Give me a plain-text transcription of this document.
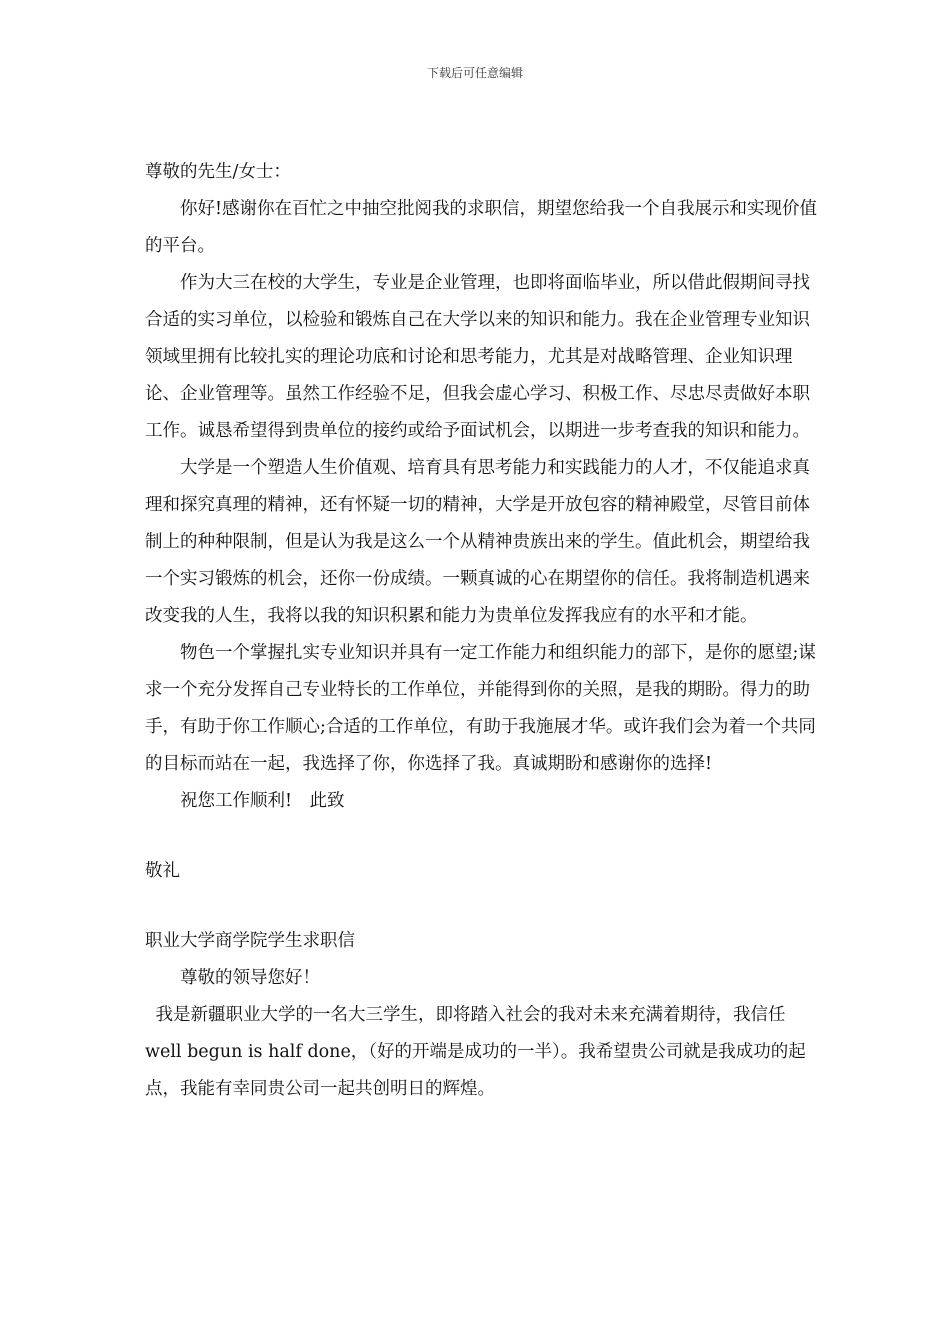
下载后可任意编辑

尊敬的先生/女士：

你好!感谢你在百忙之中抽空批阅我的求职信，期望您给我一个自我展示和实现价值的平台。

作为大三在校的大学生，专业是企业管理，也即将面临毕业，所以借此假期间寻找合适的实习单位，以检验和锻炼自己在大学以来的知识和能力。我在企业管理专业知识领域里拥有比较扎实的理论功底和讨论和思考能力，尤其是对战略管理、企业知识理论、企业管理等。虽然工作经验不足，但我会虚心学习、积极工作、尽忠尽责做好本职工作。诚恳希望得到贵单位的接约或给予面试机会，以期进一步考查我的知识和能力。

大学是一个塑造人生价值观、培育具有思考能力和实践能力的人才，不仅能追求真理和探究真理的精神，还有怀疑一切的精神，大学是开放包容的精神殿堂，尽管目前体制上的种种限制，但是认为我是这么一个从精神贵族出来的学生。值此机会，期望给我一个实习锻炼的机会，还你一份成绩。一颗真诚的心在期望你的信任。我将制造机遇来改变我的人生，我将以我的知识积累和能力为贵单位发挥我应有的水平和才能。

物色一个掌握扎实专业知识并具有一定工作能力和组织能力的部下，是你的愿望;谋求一个充分发挥自己专业特长的工作单位，并能得到你的关照，是我的期盼。得力的助手，有助于你工作顺心;合适的工作单位，有助于我施展才华。或许我们会为着一个共同的目标而站在一起，我选择了你，你选择了我。真诚期盼和感谢你的选择!

祝您工作顺利!　此致

敬礼

职业大学商学院学生求职信

尊敬的领导您好！

我是新疆职业大学的一名大三学生，即将踏入社会的我对未来充满着期待，我信任 well begun is half done，（好的开端是成功的一半）。我希望贵公司就是我成功的起点，我能有幸同贵公司一起共创明日的辉煌。
